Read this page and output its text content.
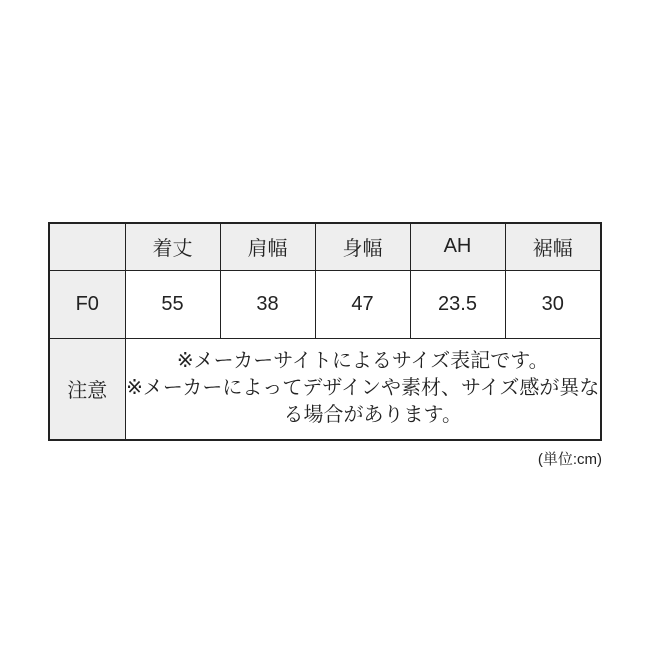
	着丈	肩幅	身幅	AH	裾幅
F0	55	38	47	23.5	30
注意	※メーカーサイトによるサイズ表記です。

※メーカーによってデザインや素材、サイズ感が異なる場合があります。				

(単位:cm)
